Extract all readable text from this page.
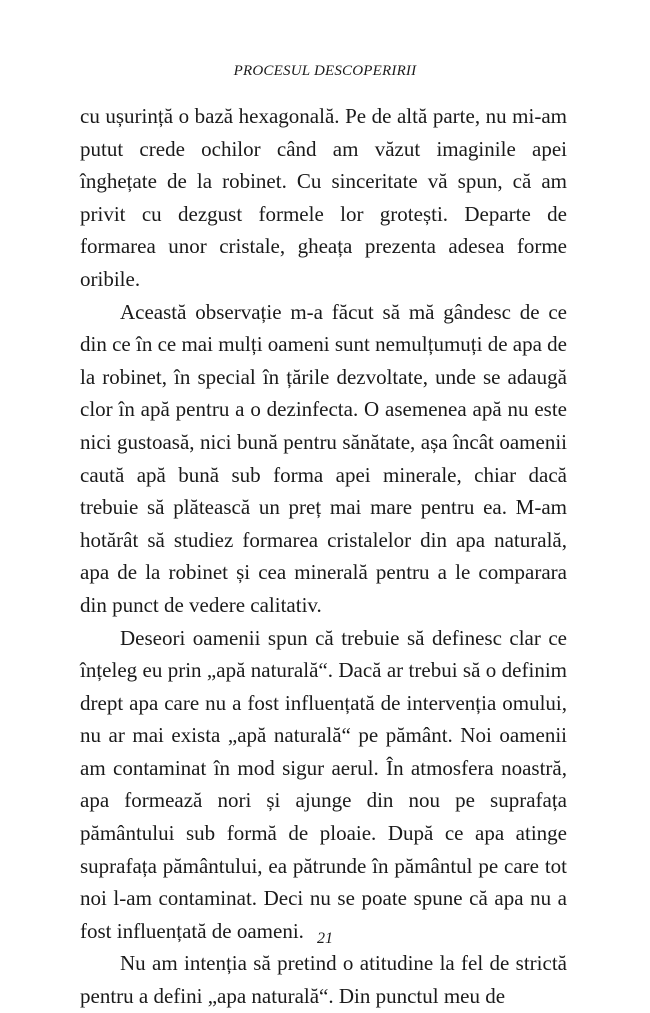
PROCESUL DESCOPERIRII

cu ușurință o bază hexagonală. Pe de altă parte, nu mi-am putut crede ochilor când am văzut imaginile apei înghețate de la robinet. Cu sinceritate vă spun, că am privit cu dezgust formele lor grotești. Departe de formarea unor cristale, gheața prezenta adesea forme oribile.

Această observație m-a făcut să mă gândesc de ce din ce în ce mai mulți oameni sunt nemulțumuți de apa de la robinet, în special în țările dezvoltate, unde se adaugă clor în apă pentru a o dezinfecta. O asemenea apă nu este nici gustoasă, nici bună pentru sănătate, așa încât oamenii caută apă bună sub forma apei minerale, chiar dacă trebuie să plătească un preț mai mare pentru ea. M-am hotărât să studiez formarea cristalelor din apa naturală, apa de la robinet și cea minerală pentru a le comparara din punct de vedere calitativ.

Deseori oamenii spun că trebuie să definesc clar ce înțeleg eu prin „apă naturală“. Dacă ar trebui să o definim drept apa care nu a fost influențată de intervenția omului, nu ar mai exista „apă naturală“ pe pământ. Noi oamenii am contaminat în mod sigur aerul. În atmosfera noastră, apa formează nori și ajunge din nou pe suprafața pământului sub formă de ploaie. După ce apa atinge suprafața pământului, ea pătrunde în pământul pe care tot noi l-am contaminat. Deci nu se poate spune că apa nu a fost influențată de oameni.

Nu am intenția să pretind o atitudine la fel de strictă pentru a defini „apa naturală“. Din punctul meu de

21
